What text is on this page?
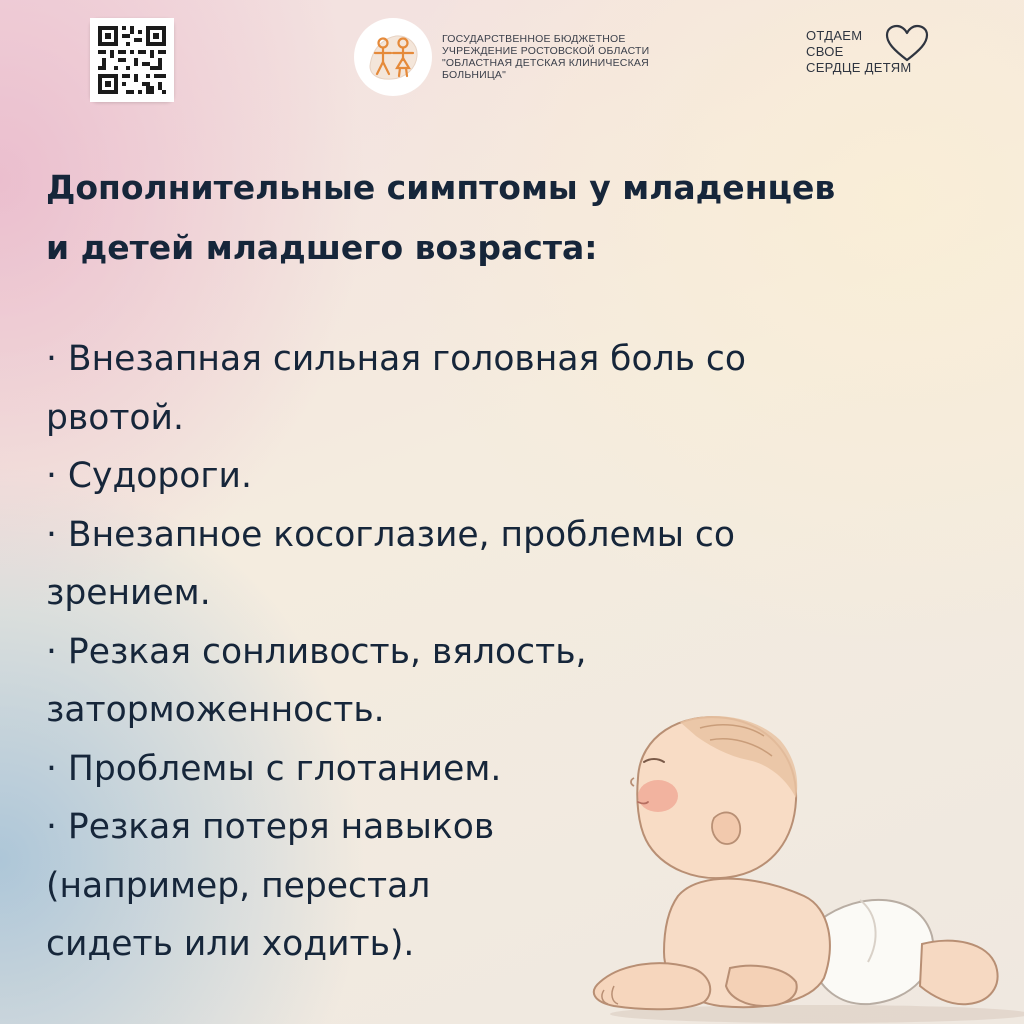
ГОСУДАРСТВЕННОЕ БЮДЖЕТНОЕ
УЧРЕЖДЕНИЕ РОСТОВСКОЙ ОБЛАСТИ
"ОБЛАСТНАЯ ДЕТСКАЯ КЛИНИЧЕСКАЯ
БОЛЬНИЦА"
ОТДАЕМ
СВОЕ
СЕРДЦЕ ДЕТЯМ
Дополнительные симптомы у младенцев
и детей младшего возраста:

· Внезапная сильная головная боль со рвотой.

· Судороги.

· Внезапное косоглазие, проблемы со зрением.

· Резкая сонливость, вялость, заторможенность.

· Проблемы с глотанием.

· Резкая потеря навыков (например, перестал сидеть или ходить).
